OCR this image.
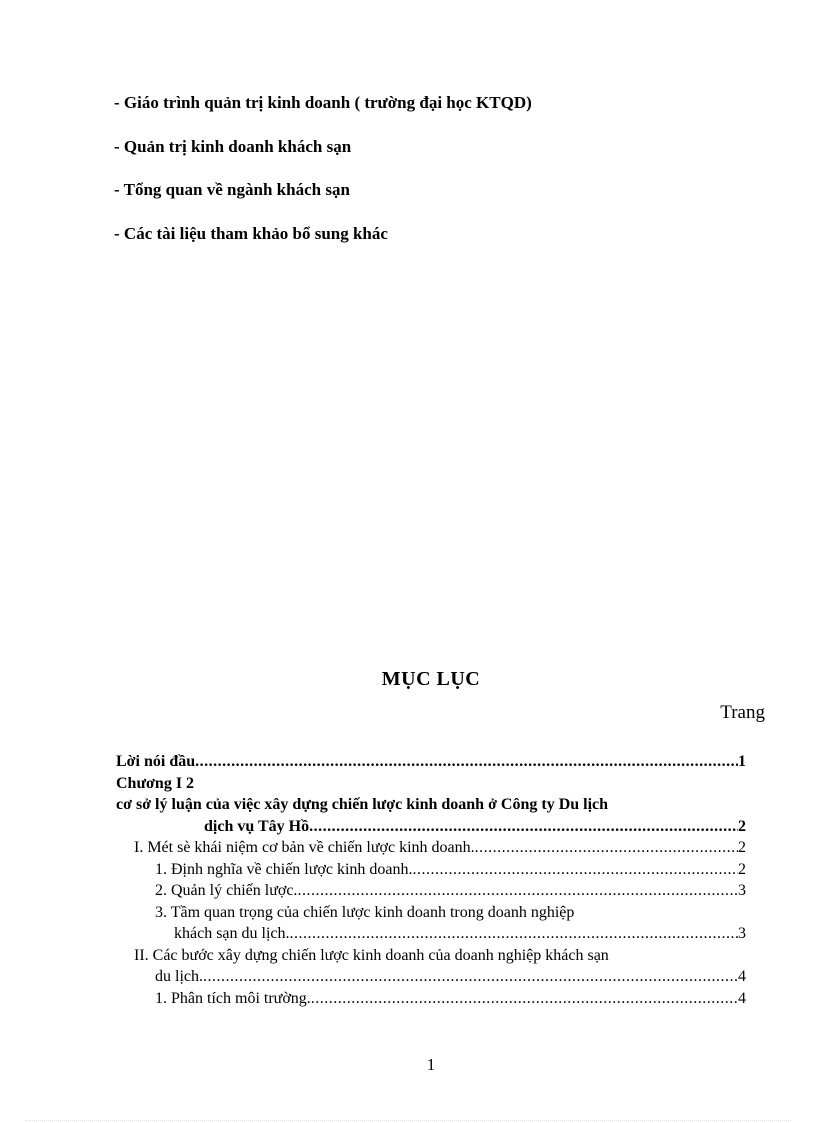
- Giáo trình quản trị kinh doanh ( trường đại học KTQD)
- Quản trị kinh doanh khách sạn
- Tổng quan về ngành khách sạn
- Các tài liệu tham khảo bổ sung khác
MỤC LỤC
Trang
Lời nói đầu .....	1
Chương I 2
cơ sở lý luận của việc xây dựng chiến lược kinh doanh ở Công ty Du lịch
dịch vụ Tây Hồ .....	2
I. Mét sè khái niệm cơ bản về chiến lược kinh doanh. .....	2
1. Định nghĩa về chiến lược kinh doanh. .....	2
2. Quản lý chiến lược. .....	3
3. Tầm quan trọng của chiến lược kinh doanh trong doanh nghiệp
khách sạn du lịch. .....	3
II. Các bước xây dựng chiến lược kinh doanh của doanh nghiệp khách sạn
du lịch. .....	4
1. Phân tích môi trường. .....	4
1
